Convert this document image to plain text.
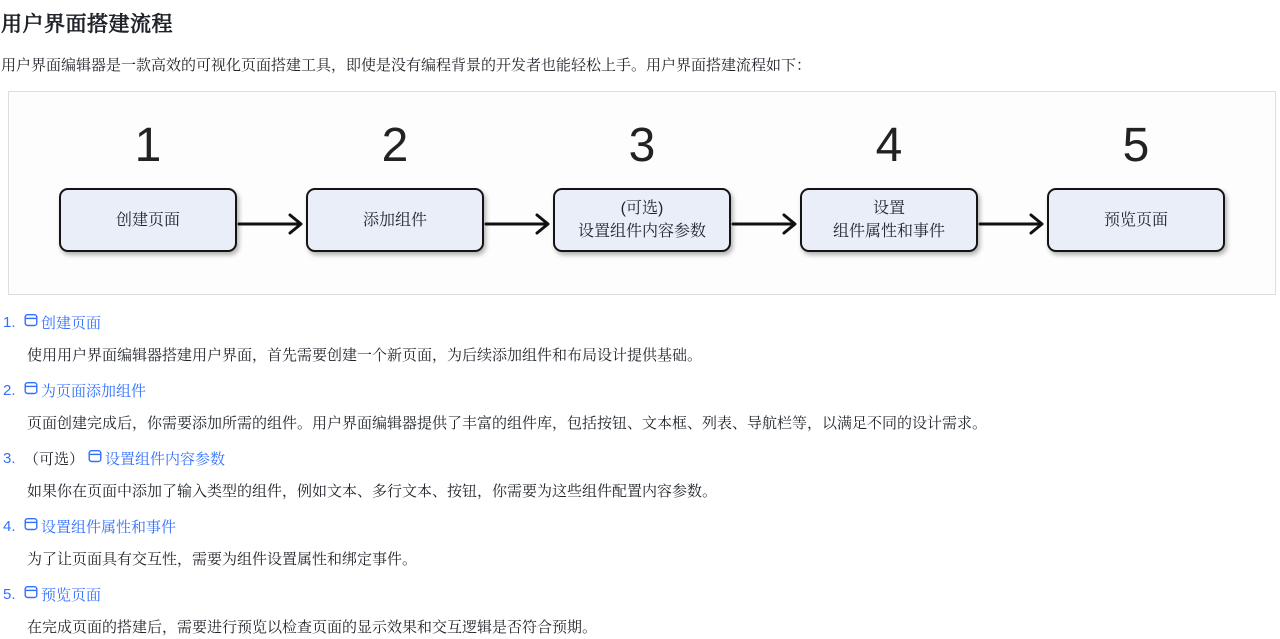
用户界面搭建流程

用户界面编辑器是一款高效的可视化页面搭建工具，即使是没有编程背景的开发者也能轻松上手。用户界面搭建流程如下：

1
创建页面
2
添加组件
3
(可选)
设置组件内容参数
4
设置
组件属性和事件
5
预览页面
1.	创建页面
使用用户界面编辑器搭建用户界面，首先需要创建一个新页面，为后续添加组件和布局设计提供基础。
2.	为页面添加组件
页面创建完成后，你需要添加所需的组件。用户界面编辑器提供了丰富的组件库，包括按钮、文本框、列表、导航栏等，以满足不同的设计需求。
3. （可选） 设置组件内容参数
如果你在页面中添加了输入类型的组件，例如文本、多行文本、按钮，你需要为这些组件配置内容参数。
4.	设置组件属性和事件
为了让页面具有交互性，需要为组件设置属性和绑定事件。
5.	预览页面
在完成页面的搭建后，需要进行预览以检查页面的显示效果和交互逻辑是否符合预期。
